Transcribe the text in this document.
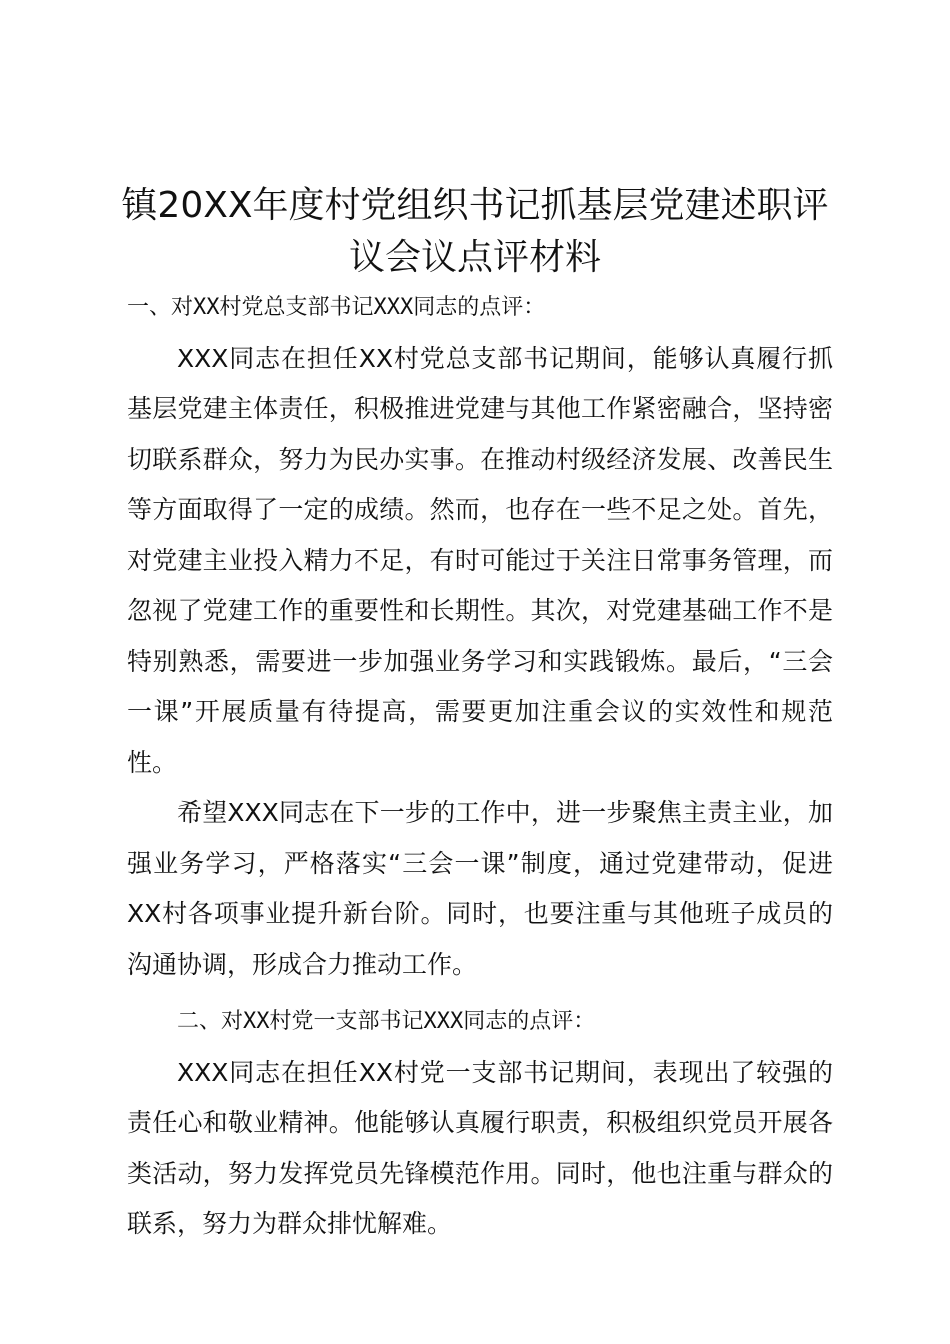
镇20XX年度村党组织书记抓基层党建述职评议会议点评材料

一、对XX村党总支部书记XXX同志的点评：

XXX同志在担任XX村党总支部书记期间，能够认真履行抓基层党建主体责任，积极推进党建与其他工作紧密融合，坚持密切联系群众，努力为民办实事。在推动村级经济发展、改善民生等方面取得了一定的成绩。然而，也存在一些不足之处。首先，对党建主业投入精力不足，有时可能过于关注日常事务管理，而忽视了党建工作的重要性和长期性。其次，对党建基础工作不是特别熟悉，需要进一步加强业务学习和实践锻炼。最后，“三会一课”开展质量有待提高，需要更加注重会议的实效性和规范性。

希望XXX同志在下一步的工作中，进一步聚焦主责主业，加强业务学习，严格落实“三会一课”制度，通过党建带动，促进XX村各项事业提升新台阶。同时，也要注重与其他班子成员的沟通协调，形成合力推动工作。

二、对XX村党一支部书记XXX同志的点评：

XXX同志在担任XX村党一支部书记期间，表现出了较强的责任心和敬业精神。他能够认真履行职责，积极组织党员开展各类活动，努力发挥党员先锋模范作用。同时，他也注重与群众的联系，努力为群众排忧解难。
